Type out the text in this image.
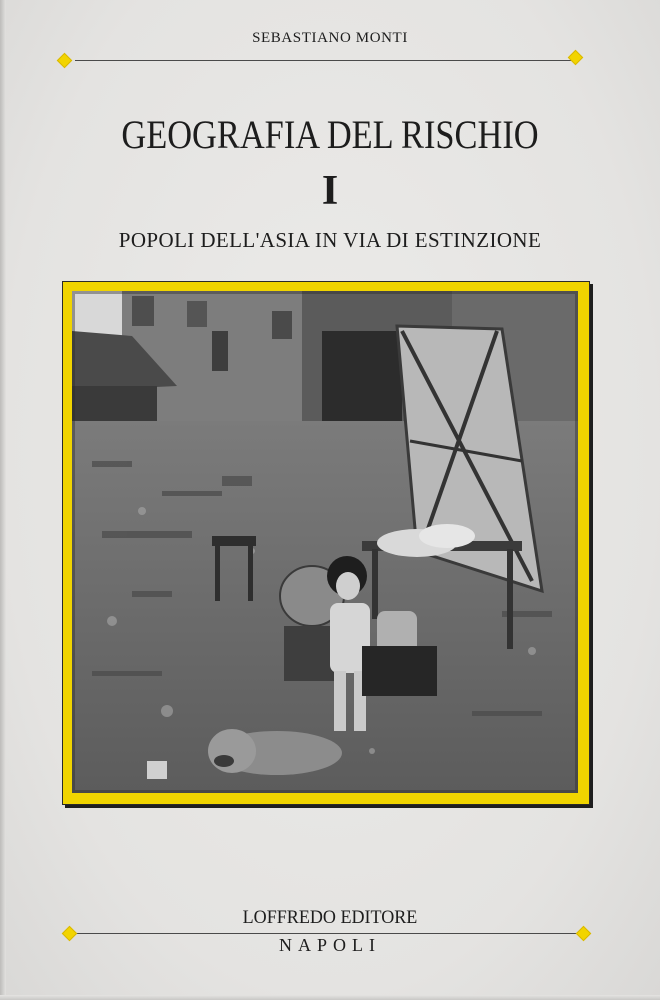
SEBASTIANO MONTI
GEOGRAFIA DEL RISCHIO
I
POPOLI DELL'ASIA IN VIA DI ESTINZIONE
LOFFREDO EDITORE
NAPOLI
